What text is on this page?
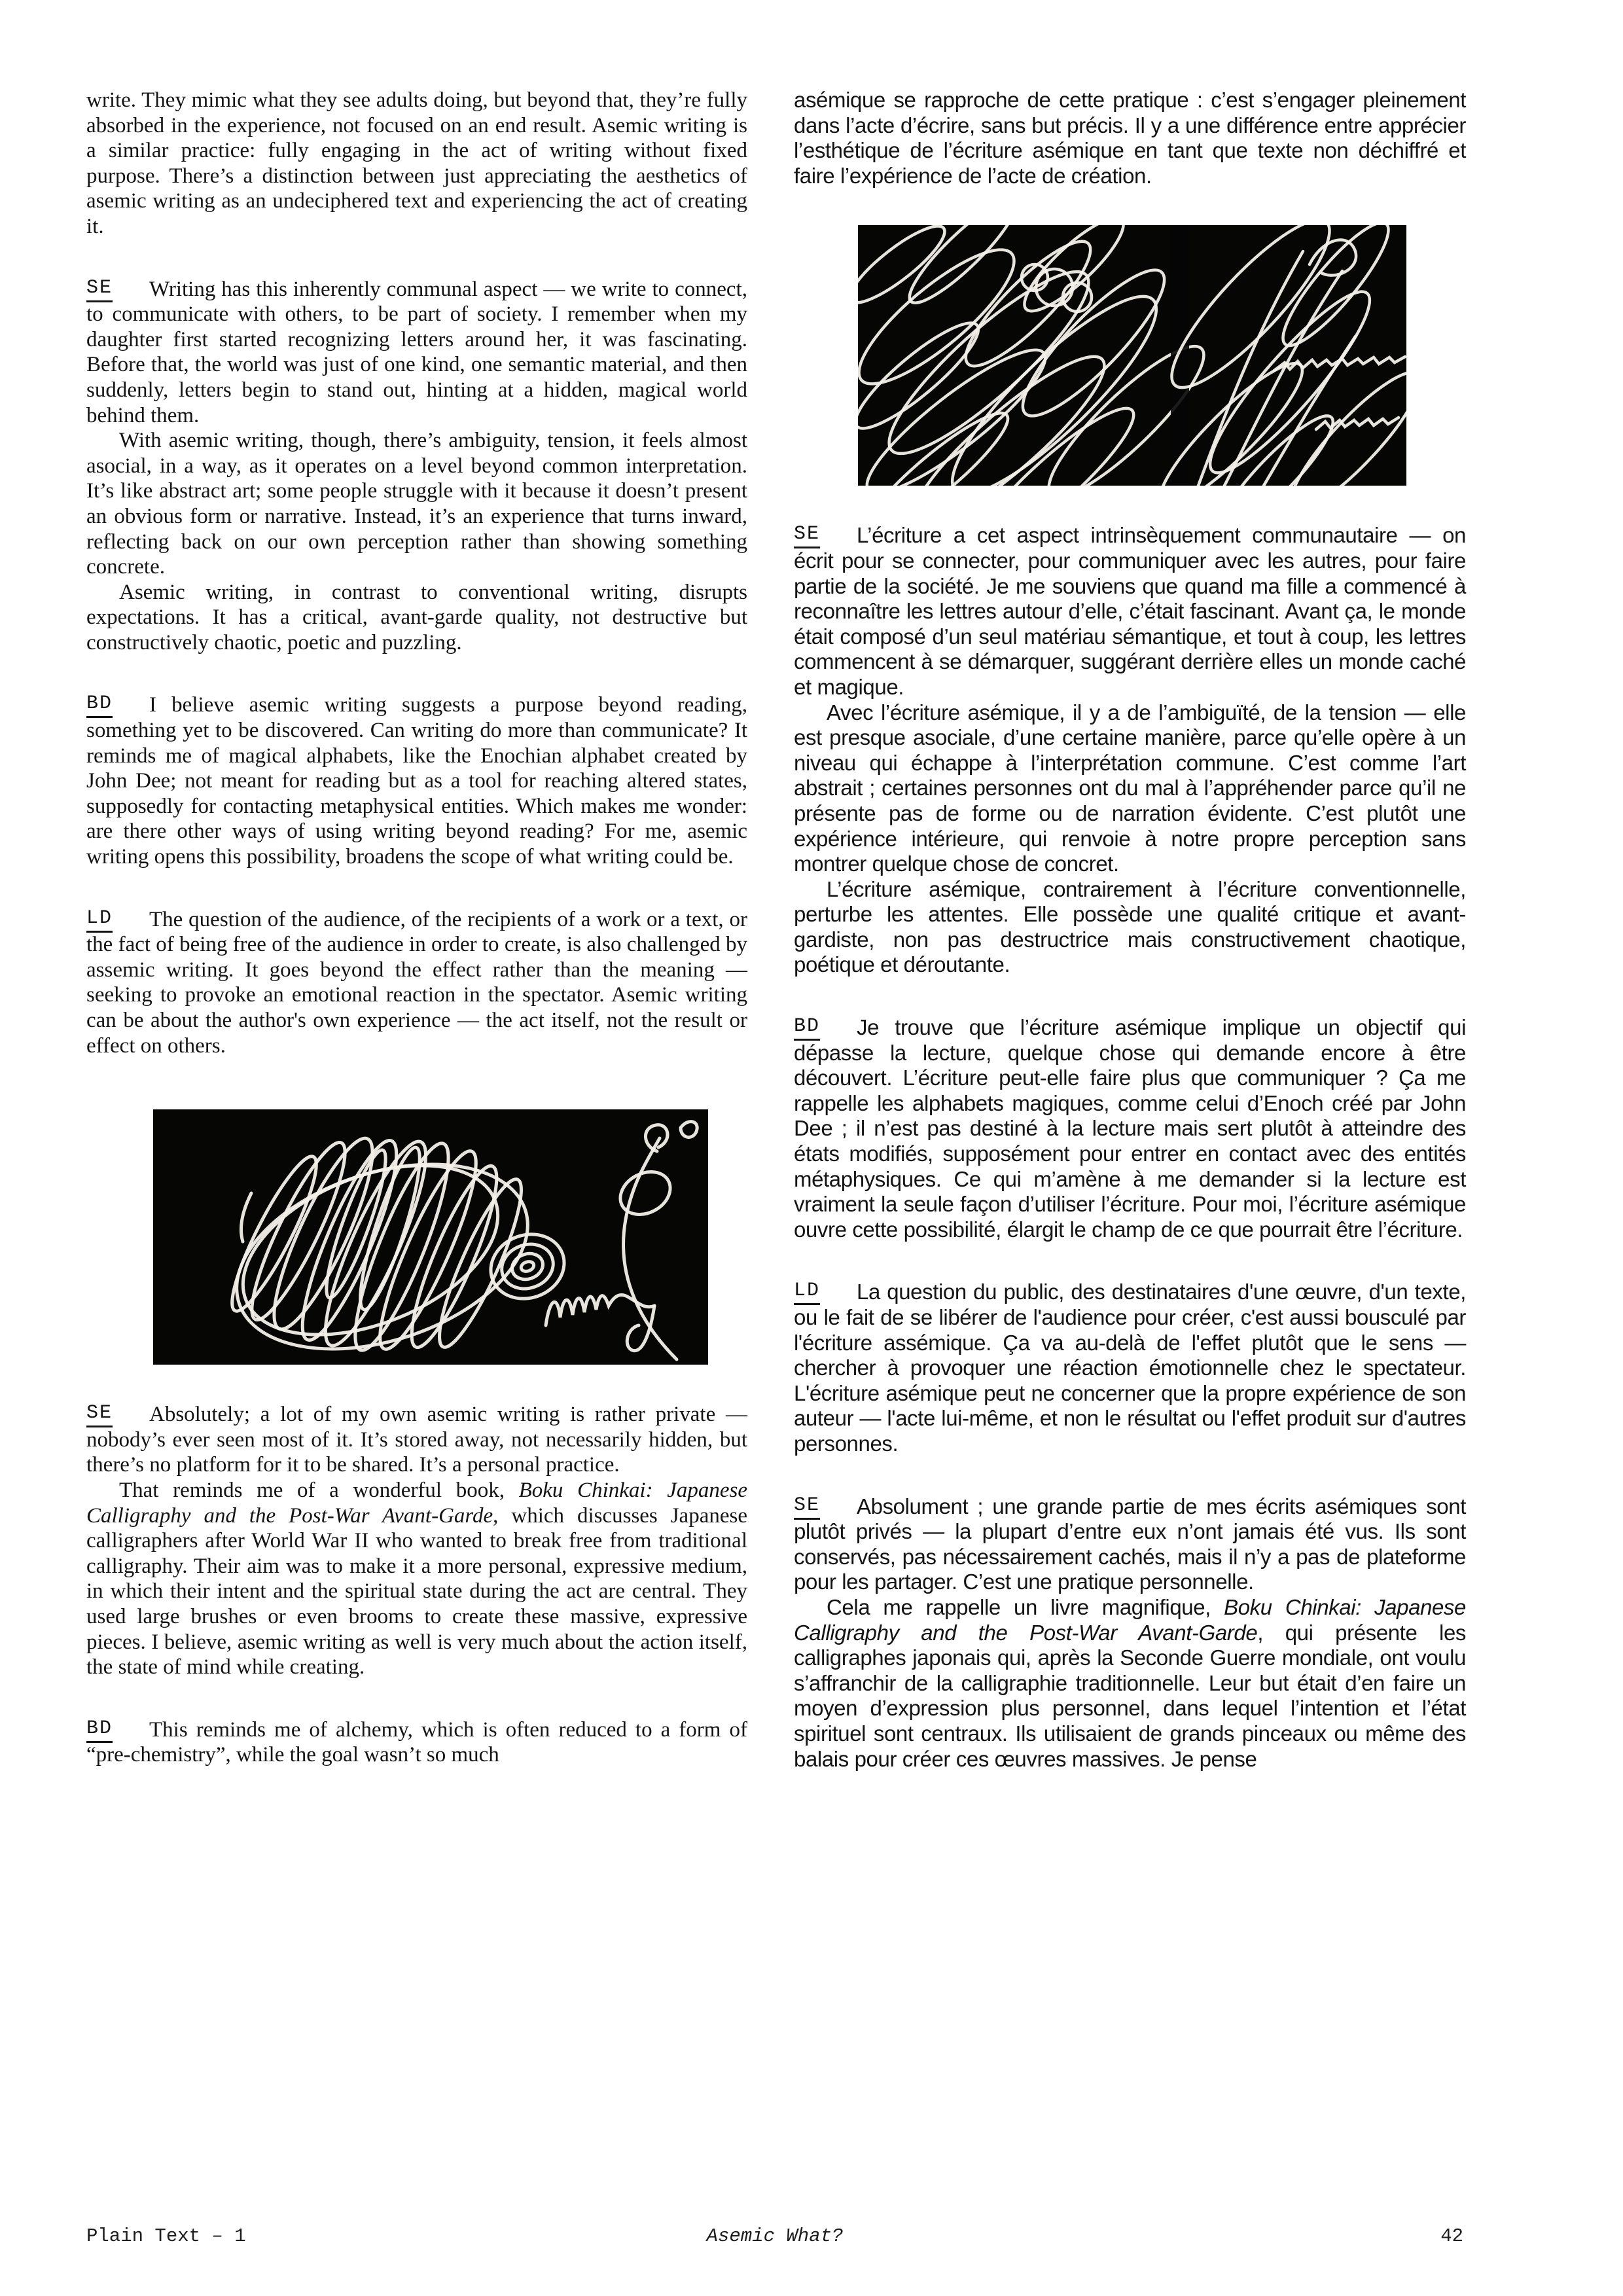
write. They mimic what they see adults doing, but beyond that, they’re fully absorbed in the experience, not focused on an end result. Asemic writing is a similar practice: fully engaging in the act of writing without fixed purpose. There’s a distinction between just appreciating the aesthetics of asemic writing as an undeciphered text and experiencing the act of creating it.

SE	Writing has this inherently communal aspect — we write to connect, to communicate with others, to be part of society. I remember when my daughter first started recognizing letters around her, it was fascinating. Before that, the world was just of one kind, one semantic material, and then suddenly, letters begin to stand out, hinting at a hidden, magical world behind them.

With asemic writing, though, there’s ambiguity, tension, it feels almost asocial, in a way, as it operates on a level beyond common interpretation. It’s like abstract art; some people struggle with it because it doesn’t present an obvious form or narrative. Instead, it’s an experience that turns inward, reflecting back on our own perception rather than showing something concrete.

Asemic writing, in contrast to conventional writing, disrupts expectations. It has a critical, avant-garde quality, not destructive but constructively chaotic, poetic and puzzling.

BD	I believe asemic writing suggests a purpose beyond reading, something yet to be discovered. Can writing do more than communicate? It reminds me of magical alphabets, like the Enochian alphabet created by John Dee; not meant for reading but as a tool for reaching altered states, supposedly for contacting metaphysical entities. Which makes me wonder: are there other ways of using writing beyond reading? For me, asemic writing opens this possibility, broadens the scope of what writing could be.

LD	The question of the audience, of the recipients of a work or a text, or the fact of being free of the audience in order to create, is also challenged by assemic writing. It goes beyond the effect rather than the meaning — seeking to provoke an emotional reaction in the spectator. Asemic writing can be about the author's own experience — the act itself, not the result or effect on others.

SE	Absolutely; a lot of my own asemic writing is rather private — nobody’s ever seen most of it. It’s stored away, not necessarily hidden, but there’s no platform for it to be shared. It’s a personal practice.

That reminds me of a wonderful book, Boku Chinkai: Japanese Calligraphy and the Post-War Avant-Garde, which discusses Japanese calligraphers after World War II who wanted to break free from traditional calligraphy. Their aim was to make it a more personal, expressive medium, in which their intent and the spiritual state during the act are central. They used large brushes or even brooms to create these massive, expressive pieces. I believe, asemic writing as well is very much about the action itself, the state of mind while creating.

BD	This reminds me of alchemy, which is often reduced to a form of “pre-chemistry”, while the goal wasn’t so much

asémique se rapproche de cette pratique : c’est s’engager pleinement dans l’acte d’écrire, sans but précis. Il y a une différence entre apprécier l’esthétique de l’écriture asémique en tant que texte non déchiffré et faire l’expérience de l’acte de création.

SE	L’écriture a cet aspect intrinsèquement communautaire — on écrit pour se connecter, pour communiquer avec les autres, pour faire partie de la société. Je me souviens que quand ma fille a commencé à reconnaître les lettres autour d’elle, c’était fascinant. Avant ça, le monde était composé d’un seul matériau sémantique, et tout à coup, les lettres commencent à se démarquer, suggérant derrière elles un monde caché et magique.

Avec l’écriture asémique, il y a de l’ambiguïté, de la tension — elle est presque asociale, d’une certaine manière, parce qu’elle opère à un niveau qui échappe à l’interprétation commune. C’est comme l’art abstrait ; certaines personnes ont du mal à l’appréhender parce qu’il ne présente pas de forme ou de narration évidente. C’est plutôt une expérience intérieure, qui renvoie à notre propre perception sans montrer quelque chose de concret.

L’écriture asémique, contrairement à l’écriture conventionnelle, perturbe les attentes. Elle possède une qualité critique et avant-gardiste, non pas destructrice mais constructivement chaotique, poétique et déroutante.

BD	Je trouve que l’écriture asémique implique un objectif qui dépasse la lecture, quelque chose qui demande encore à être découvert. L’écriture peut-elle faire plus que communiquer ? Ça me rappelle les alphabets magiques, comme celui d’Enoch créé par John Dee ; il n’est pas destiné à la lecture mais sert plutôt à atteindre des états modifiés, supposément pour entrer en contact avec des entités métaphysiques. Ce qui m’amène à me demander si la lecture est vraiment la seule façon d’utiliser l’écriture. Pour moi, l’écriture asémique ouvre cette possibilité, élargit le champ de ce que pourrait être l’écriture.

LD	La question du public, des destinataires d'une œuvre, d'un texte, ou le fait de se libérer de l'audience pour créer, c'est aussi bousculé par l'écriture assémique. Ça va au-delà de l'effet plutôt que le sens — chercher à provoquer une réaction émotionnelle chez le spectateur. L'écriture asémique peut ne concerner que la propre expérience de son auteur — l'acte lui-même, et non le résultat ou l'effet produit sur d'autres personnes.

SE	Absolument ; une grande partie de mes écrits asémiques sont plutôt privés — la plupart d’entre eux n’ont jamais été vus. Ils sont conservés, pas nécessairement cachés, mais il n’y a pas de plateforme pour les partager. C’est une pratique personnelle.

Cela me rappelle un livre magnifique, Boku Chinkai: Japanese Calligraphy and the Post-War Avant-Garde, qui présente les calligraphes japonais qui, après la Seconde Guerre mondiale, ont voulu s’affranchir de la calligraphie traditionnelle. Leur but était d’en faire un moyen d’expression plus personnel, dans lequel l’intention et l’état spirituel sont centraux. Ils utilisaient de grands pinceaux ou même des balais pour créer ces œuvres massives. Je pense

Plain Text – 1	Asemic What?	42
